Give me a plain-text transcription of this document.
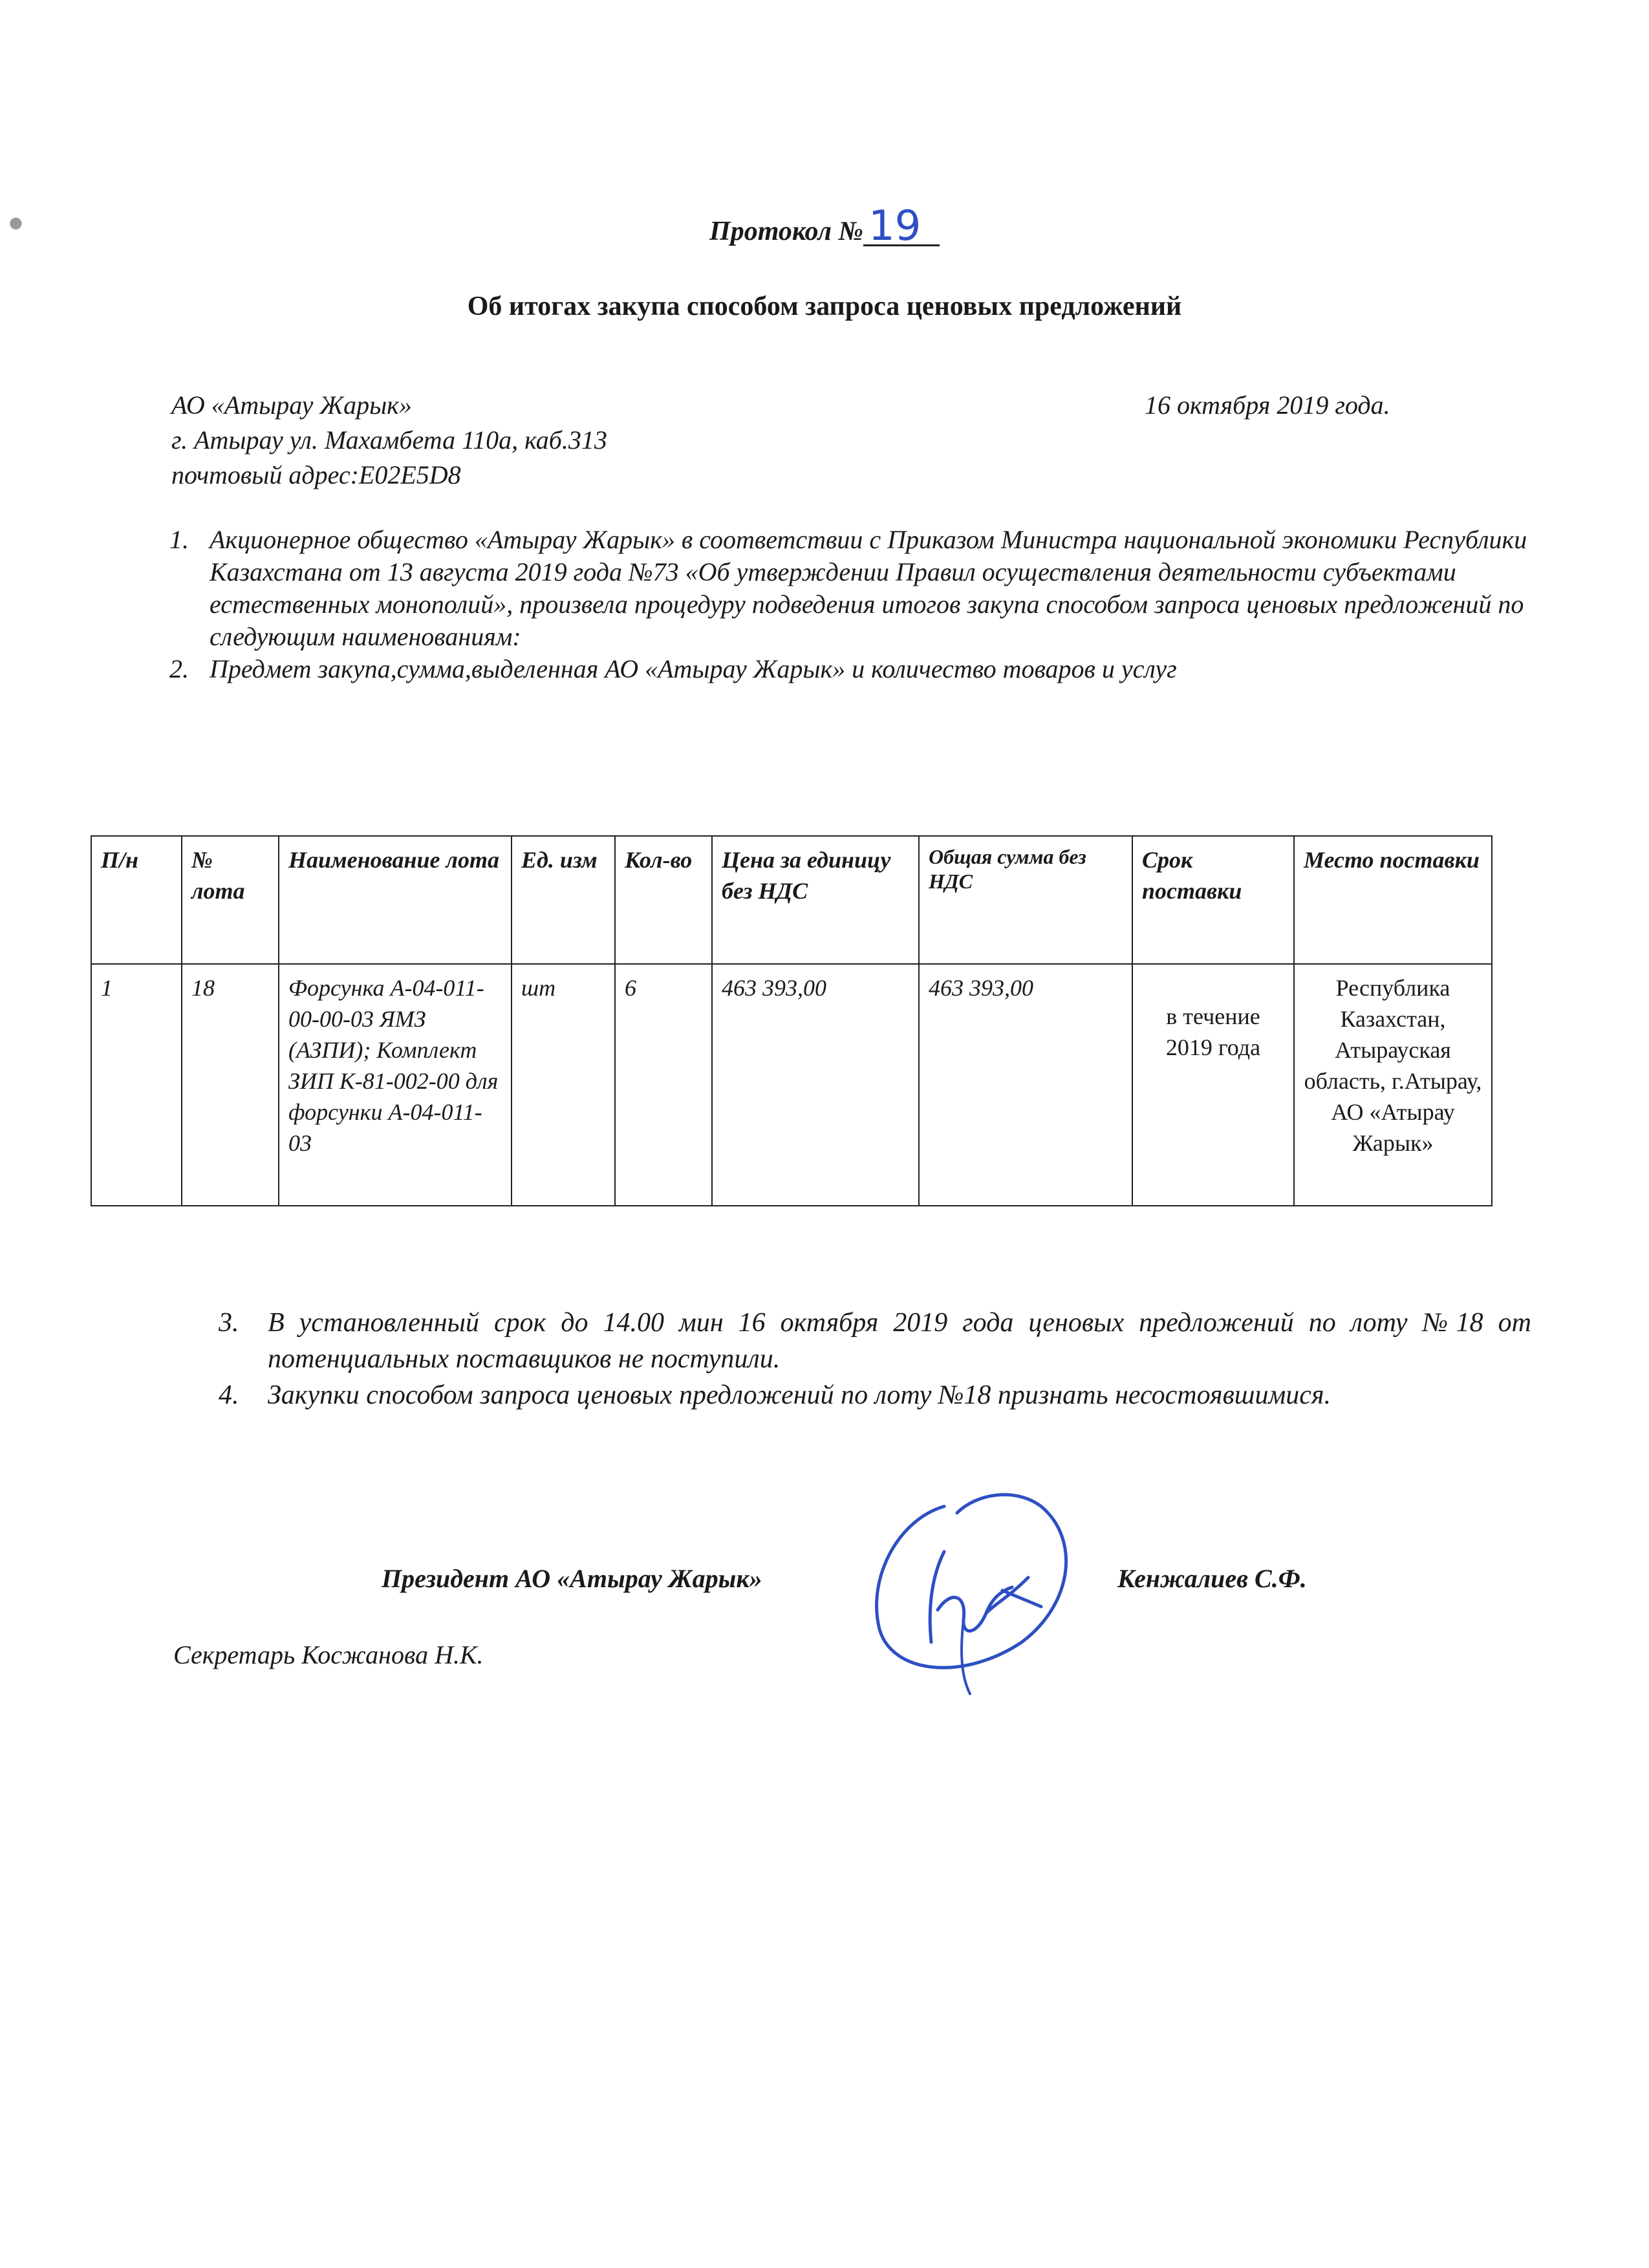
●	Протокол № 19
Об итогах закупа способом запроса ценовых предложений
АО «Атырау Жарык»
г. Атырау ул. Махамбета 110а, каб.313
почтовый адрес:Е02Е5D8
16 октября 2019 года.
1. Акционерное общество «Атырау Жарык» в соответствии с Приказом Министра национальной экономики Республики Казахстана от 13 августа 2019 года №73 «Об утверждении Правил осуществления деятельности субъектами естественных монополий», произвела процедуру подведения итогов закупа способом запроса ценовых предложений по следующим наименованиям:
2. Предмет закупа,сумма,выделенная АО «Атырау Жарык» и количество товаров и услуг
П/н	№ лота	Наименование лота	Ед. изм	Кол-во	Цена за единицу без НДС	Общая сумма без НДС	Срок поставки	Место поставки
1	18	Форсунка А-04-011-00-00-03 ЯМЗ (АЗПИ); Комплект ЗИП К-81-002-00 для форсунки А-04-011-03	шт	6	463 393,00	463 393,00	в течение 2019 года	Республика Казахстан, Атырауская область, г.Атырау, АО «Атырау Жарык»
3. В установленный срок до 14.00 мин 16 октября 2019 года ценовых предложений по лоту №18 от потенциальных поставщиков не поступили.
4. Закупки способом запроса ценовых предложений по лоту №18 признать несостоявшимися.
Президент АО «Атырау Жарык»	Кенжалиев С.Ф.
Секретарь Косжанова Н.К.
